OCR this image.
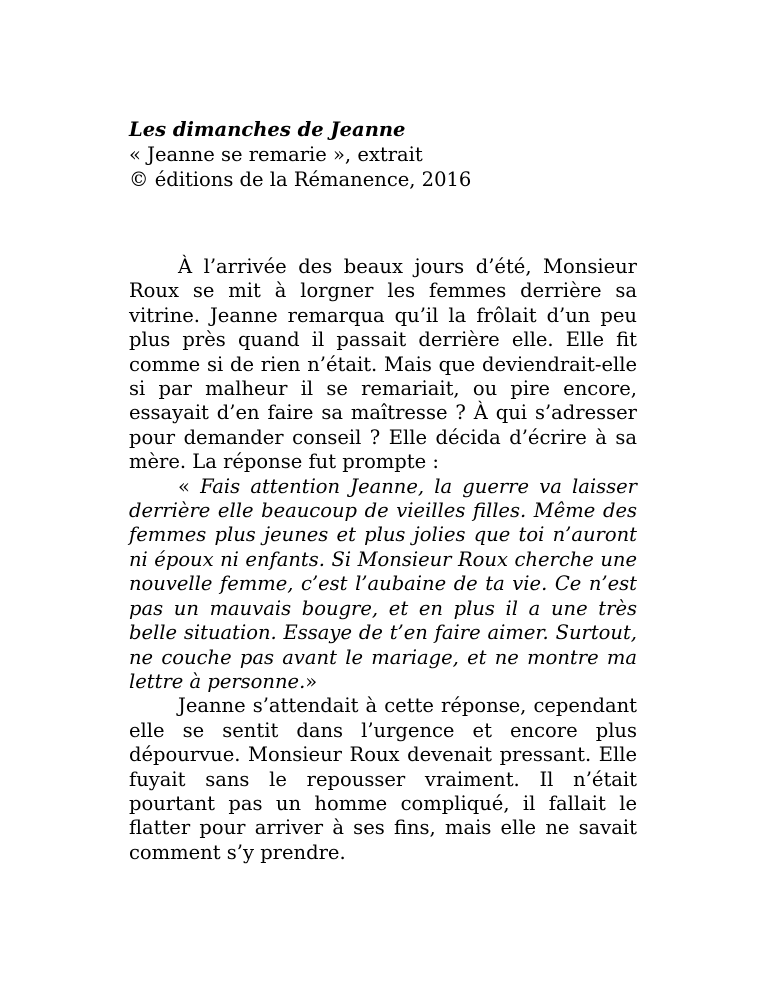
Les dimanches de Jeanne
« Jeanne se remarie », extrait
© éditions de la Rémanence, 2016

À l’arrivée des beaux jours d’été, Monsieur Roux se mit à lorgner les femmes derrière sa vitrine. Jeanne remarqua qu’il la frôlait d’un peu plus près quand il passait derrière elle. Elle fit comme si de rien n’était. Mais que deviendrait-elle si par malheur il se remariait, ou pire encore, essayait d’en faire sa maîtresse ? À qui s’adresser pour demander conseil ? Elle décida d’écrire à sa mère. La réponse fut prompte :

« Fais attention Jeanne, la guerre va laisser derrière elle beaucoup de vieilles filles. Même des femmes plus jeunes et plus jolies que toi n’auront ni époux ni enfants. Si Monsieur Roux cherche une nouvelle femme, c’est l’aubaine de ta vie. Ce n’est pas un mauvais bougre, et en plus il a une très belle situation. Essaye de t’en faire aimer. Surtout, ne couche pas avant le mariage, et ne montre ma lettre à personne.»

Jeanne s’attendait à cette réponse, cependant elle se sentit dans l’urgence et encore plus dépourvue. Monsieur Roux devenait pressant. Elle fuyait sans le repousser vraiment. Il n’était pourtant pas un homme compliqué, il fallait le flatter pour arriver à ses fins, mais elle ne savait comment s’y prendre.
